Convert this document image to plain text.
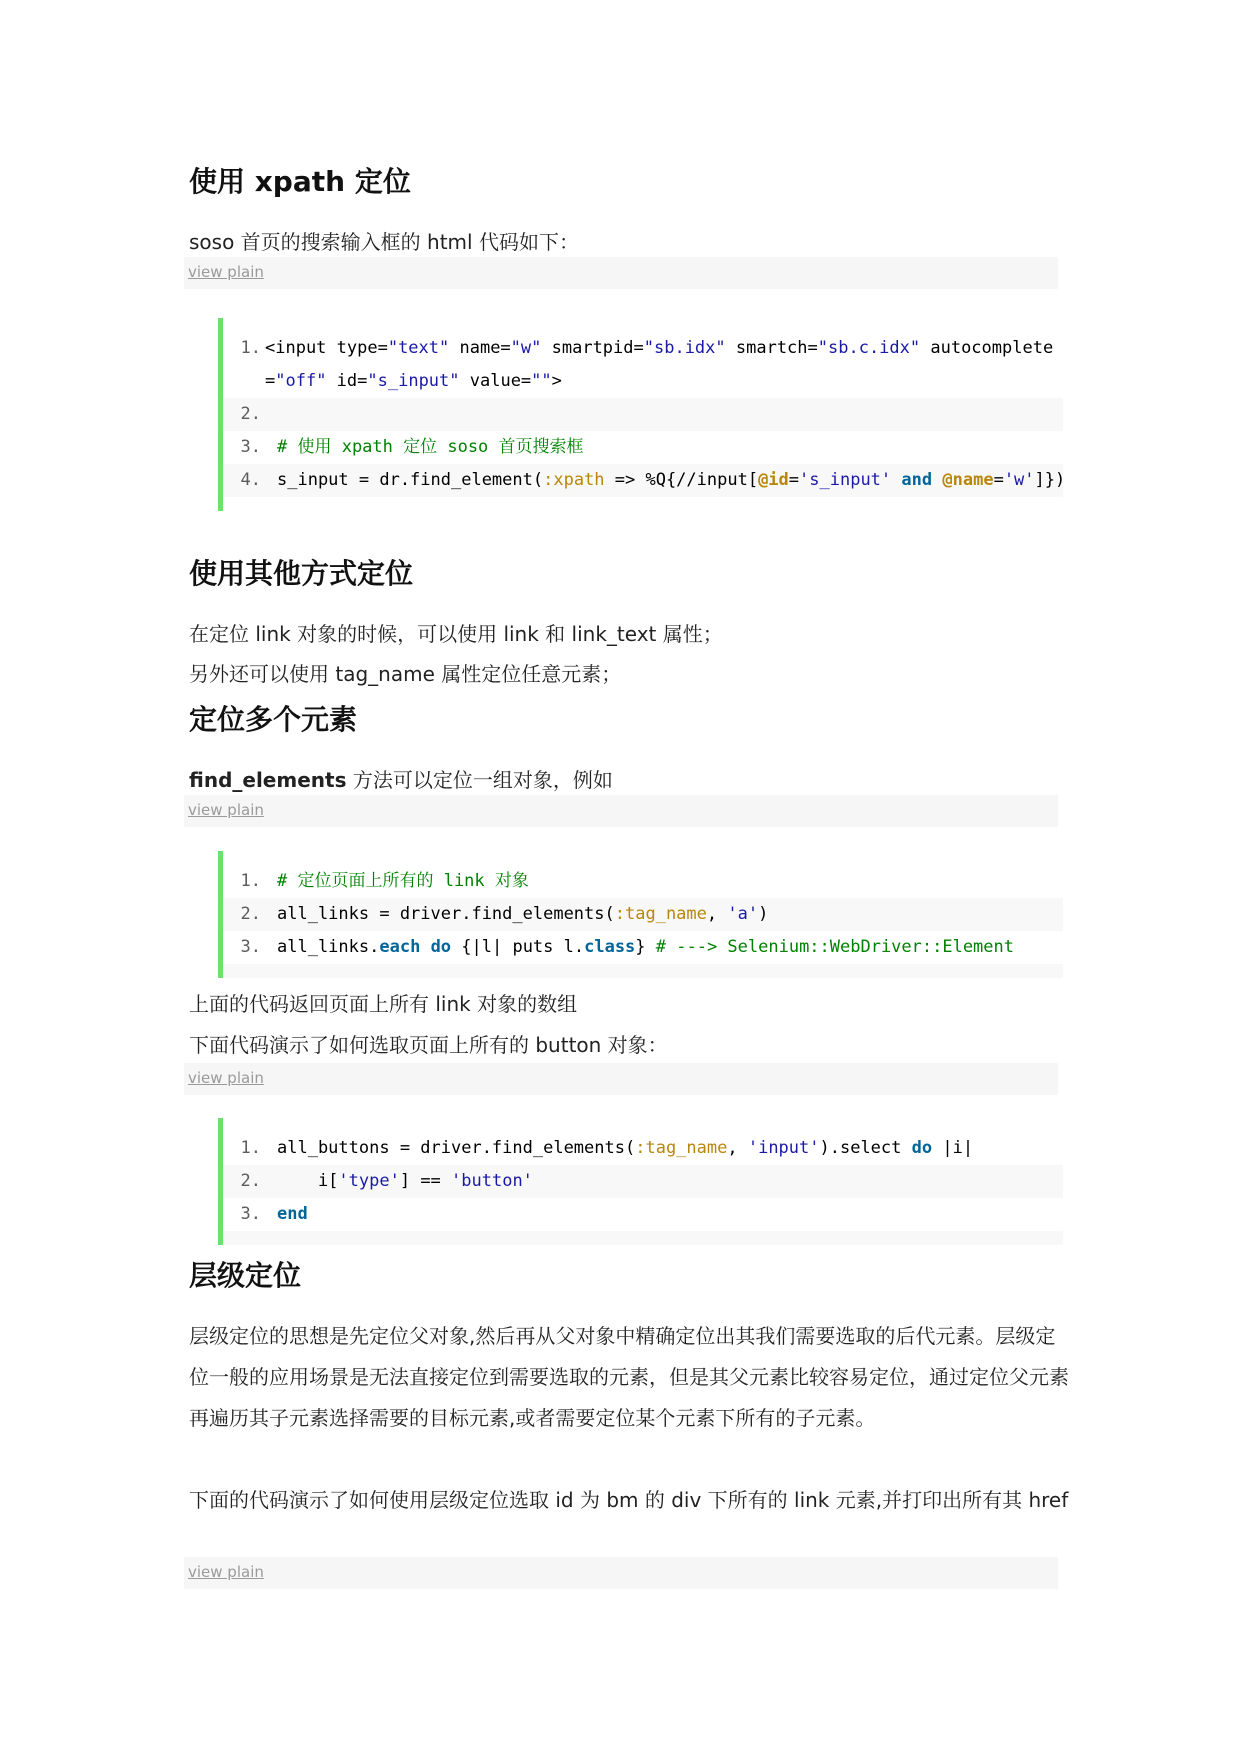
使用 xpath 定位
soso 首页的搜索输入框的 html 代码如下：
view plain
1. <input type="text" name="w" smartpid="sb.idx" smartch="sb.c.idx" autocomplete="off" id="s_input" value="">
2.
3. # 使用 xpath 定位 soso 首页搜索框
4. s_input = dr.find_element(:xpath => %Q{//input[@id='s_input' and @name='w']})
使用其他方式定位
在定位 link 对象的时候，可以使用 link 和 link_text 属性；
另外还可以使用 tag_name 属性定位任意元素；
定位多个元素
find_elements 方法可以定位一组对象，例如
view plain
1. # 定位页面上所有的 link 对象
2. all_links = driver.find_elements(:tag_name, 'a')
3. all_links.each do {|l| puts l.class} # ---> Selenium::WebDriver::Element
上面的代码返回页面上所有 link 对象的数组
下面代码演示了如何选取页面上所有的 button 对象：
view plain
1. all_buttons = driver.find_elements(:tag_name, 'input').select do |i|
2.    i['type'] == 'button'
3. end
层级定位
层级定位的思想是先定位父对象,然后再从父对象中精确定位出其我们需要选取的后代元素。层级定位一般的应用场景是无法直接定位到需要选取的元素，但是其父元素比较容易定位，通过定位父元素再遍历其子元素选择需要的目标元素,或者需要定位某个元素下所有的子元素。
下面的代码演示了如何使用层级定位选取 id 为 bm 的 div 下所有的 link 元素,并打印出所有其 href
view plain
